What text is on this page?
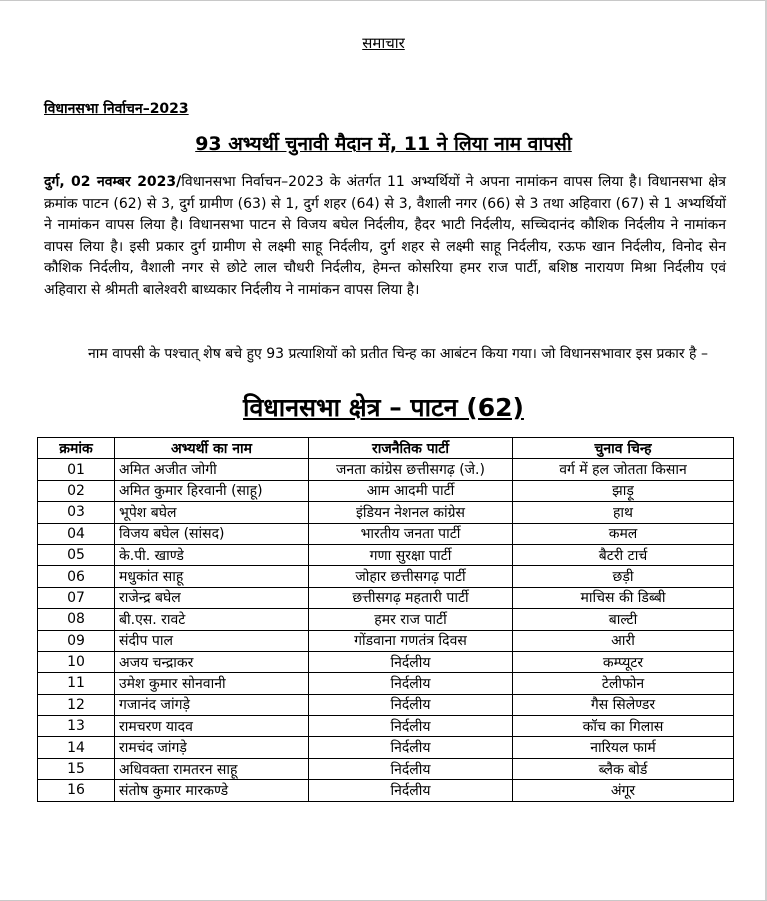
समाचार
विधानसभा निर्वाचन–2023
93 अभ्यर्थी चुनावी मैदान में, 11 ने लिया नाम वापसी

दुर्ग, 02 नवम्बर 2023/विधानसभा निर्वाचन–2023 के अंतर्गत 11 अभ्यर्थियों ने अपना नामांकन वापस लिया है। विधानसभा क्षेत्र क्रमांक पाटन (62) से 3, दुर्ग ग्रामीण (63) से 1, दुर्ग शहर (64) से 3, वैशाली नगर (66) से 3 तथा अहिवारा (67) से 1 अभ्यर्थियों ने नामांकन वापस लिया है। विधानसभा पाटन से विजय बघेल निर्दलीय, हैदर भाटी निर्दलीय, सच्चिदानंद कौशिक निर्दलीय ने नामांकन वापस लिया है। इसी प्रकार दुर्ग ग्रामीण से लक्ष्मी साहू निर्दलीय, दुर्ग शहर से लक्ष्मी साहू निर्दलीय, रऊफ खान निर्दलीय, विनोद सेन कौशिक निर्दलीय, वैशाली नगर से छोटे लाल चौधरी निर्दलीय, हेमन्त कोसरिया हमर राज पार्टी, बशिष्ठ नारायण मिश्रा निर्दलीय एवं अहिवारा से श्रीमती बालेश्वरी बाध्यकार निर्दलीय ने नामांकन वापस लिया है।

नाम वापसी के पश्चात् शेष बचे हुए 93 प्रत्याशियों को प्रतीत चिन्ह का आबंटन किया गया। जो विधानसभावार इस प्रकार है –

विधानसभा क्षेत्र – पाटन (62)
क्रमांक	अभ्यर्थी का नाम	राजनैतिक पार्टी	चुनाव चिन्ह
01	अमित अजीत जोगी	जनता कांग्रेस छत्तीसगढ़ (जे.)	वर्ग में हल जोतता किसान
02	अमित कुमार हिरवानी (साहू)	आम आदमी पार्टी	झाड़ू
03	भूपेश बघेल	इंडियन नेशनल कांग्रेस	हाथ
04	विजय बघेल (सांसद)	भारतीय जनता पार्टी	कमल
05	के.पी. खाण्डे	गणा सुरक्षा पार्टी	बैटरी टार्च
06	मधुकांत साहू	जोहार छत्तीसगढ़ पार्टी	छड़ी
07	राजेन्द्र बघेल	छत्तीसगढ़ महतारी पार्टी	माचिस की डिब्बी
08	बी.एस. रावटे	हमर राज पार्टी	बाल्टी
09	संदीप पाल	गोंडवाना गणतंत्र दिवस	आरी
10	अजय चन्द्राकर	निर्दलीय	कम्प्यूटर
11	उमेश कुमार सोनवानी	निर्दलीय	टेलीफोन
12	गजानंद जांगड़े	निर्दलीय	गैस सिलेण्डर
13	रामचरण यादव	निर्दलीय	कॉच का गिलास
14	रामचंद जांगड़े	निर्दलीय	नारियल फार्म
15	अधिवक्ता रामतरन साहू	निर्दलीय	ब्लैक बोर्ड
16	संतोष कुमार मारकण्डे	निर्दलीय	अंगूर
